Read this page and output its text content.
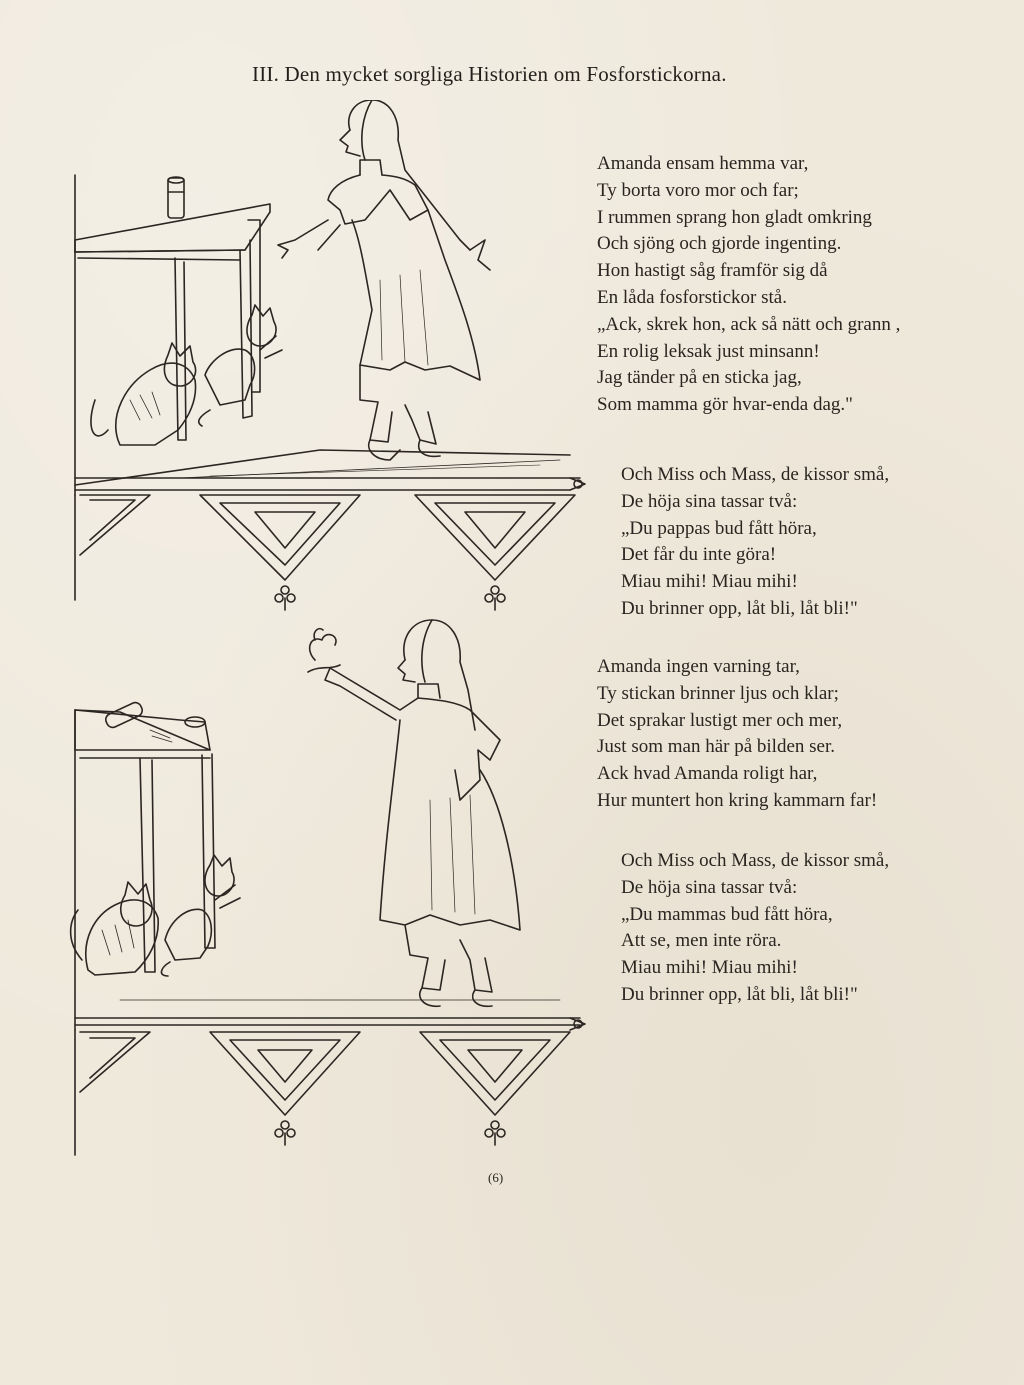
III. Den mycket sorgliga Historien om Fosforstickorna.
Amanda ensam hemma var,
Ty borta voro mor och far;
I rummen sprang hon gladt omkring
Och sjöng och gjorde ingenting.
Hon hastigt såg framför sig då
En låda fosforstickor stå.
„Ack, skrek hon, ack så nätt och grann ,
En rolig leksak just minsann!
Jag tänder på en sticka jag,
Som mamma gör hvar-enda dag."
Och Miss och Mass, de kissor små,
De höja sina tassar två:
„Du pappas bud fått höra,
Det får du inte göra!
Miau mihi! Miau mihi!
Du brinner opp, låt bli, låt bli!"
Amanda ingen varning tar,
Ty stickan brinner ljus och klar;
Det sprakar lustigt mer och mer,
Just som man här på bilden ser.
Ack hvad Amanda roligt har,
Hur muntert hon kring kammarn far!
Och Miss och Mass, de kissor små,
De höja sina tassar två:
„Du mammas bud fått höra,
Att se, men inte röra.
Miau mihi! Miau mihi!
Du brinner opp, låt bli, låt bli!"
(6)
